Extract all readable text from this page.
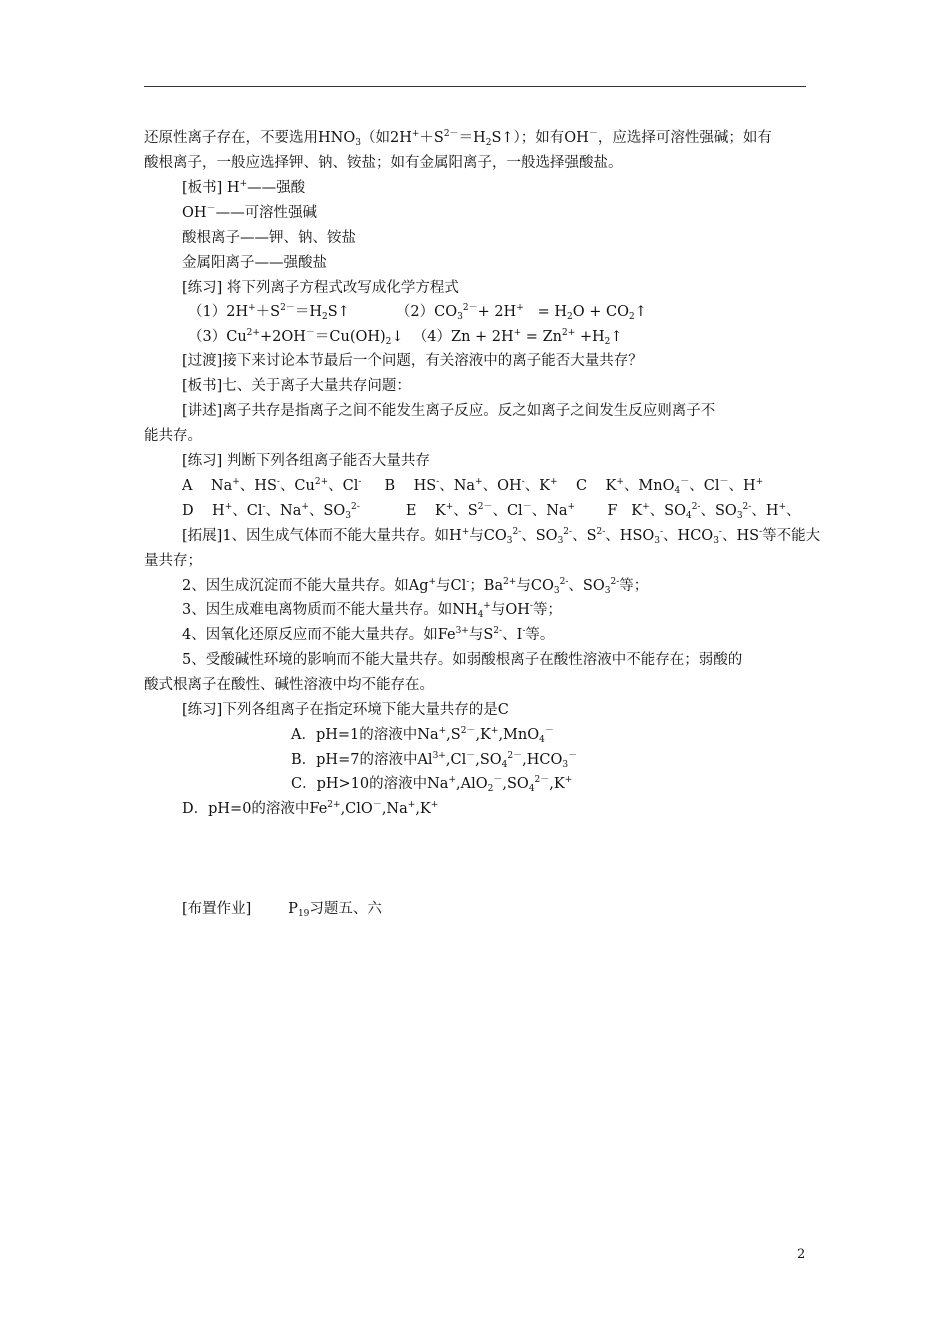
还原性离子存在，不要选用$HNO_3$（如$2H^++S^{2-}=H_2S↑$）；如有OH－，应选择可溶性强碱；如有
酸根离子，一般应选择钾、钠、铵盐；如有金属阳离子，一般选择强酸盐。
[板书] H+——强酸
OH－——可溶性强碱
酸根离子——钾、钠、铵盐
金属阳离子——强酸盐
[练习] 将下列离子方程式改写成化学方程式
$(1)2H^++S^{2-}=H_2S↑$          $(2)CO_3^{2-}+ 2H^+ = H_2O$ + $CO_2↑$
$(3)Cu^{2+}+2OH^-=Cu(OH)_2↓$  $(4)Zn + 2H^+ = Zn^{2+}$ $+H_2↑$
[过渡]接下来讨论本节最后一个问题，有关溶液中的离子能否大量共存？
[板书]七、关于离子大量共存问题：
[讲述]离子共存是指离子之间不能发生离子反应。反之如离子之间发生反应则离子不
能共存。
[练习] 判断下列各组离子能否大量共存
A    Na+、HS-、$Cu^{2+}$、Cl-     B    HS-、Na+、OH-、K+    C    K+、MnO$_4$－、Cl－、H+
D    H+、Cl-、Na+、$SO_3^{2-}$          E    K+、$S^{2-}$、Cl－、Na+       F   K+、$SO_4^{2-}$、$SO_3^{2-}$、H+、
[拓展]1、因生成气体而不能大量共存。如H+与$CO_3^{2-}$、$SO_3^{2-}$、$S^{2-}$、$HSO_3^-$、$HCO_3^-$、HS-等不能大
量共存；
2、因生成沉淀而不能大量共存。如Ag+与Cl-；$Ba^{2+}$与$CO_3^{2-}$、$SO_3^{2-}$等；
3、因生成难电离物质而不能大量共存。如$NH_4^+$与OH-等；
4、因氧化还原反应而不能大量共存。如$Fe^{3+}$与$S^{2-}$、I-等。
5、受酸碱性环境的影响而不能大量共存。如弱酸根离子在酸性溶液中不能存在；弱酸的
酸式根离子在酸性、碱性溶液中均不能存在。
[练习]下列各组离子在指定环境下能大量共存的是C
A．pH=1的溶液中$Na^+,S^{2-},K^+,MnO_4^-$
B．pH=7的溶液中$Al^{3+},Cl^-,SO_4^{2-},HCO_3^-$
C．pH>10的溶液中$Na^+,AlO_2^-,SO_4^{2-},K^+$
D．pH=0的溶液中$Fe^{2+},ClO^-,Na^+,K^+$
[布置作业]        $P_{19}$习题五、六
2
